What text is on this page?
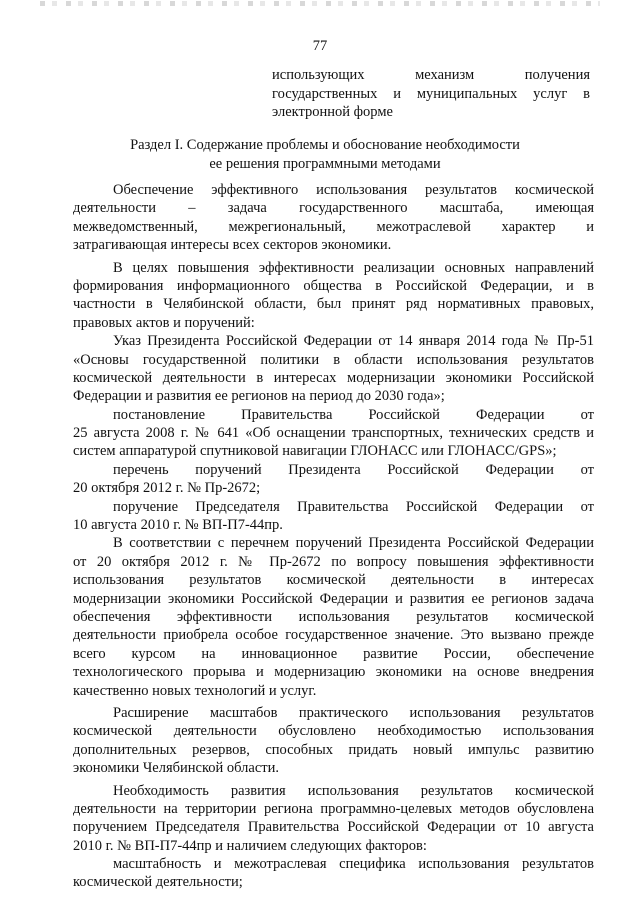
77
использующих механизм получения
государственных и муниципальных услуг в
электронной форме
Раздел I. Содержание проблемы и обоснование необходимости
ее решения программными методами
Обеспечение эффективного использования результатов космической
деятельности – задача государственного масштаба, имеющая
межведомственный, межрегиональный, межотраслевой характер и
затрагивающая интересы всех секторов экономики.
В целях повышения эффективности реализации основных направлений
формирования информационного общества в Российской Федерации, и в
частности в Челябинской области, был принят ряд нормативных правовых,
правовых актов и поручений:
Указ Президента Российской Федерации от 14 января 2014 года № Пр-51
«Основы государственной политики в области использования результатов
космической деятельности в интересах модернизации экономики Российской
Федерации и развития ее регионов на период до 2030 года»;
постановление Правительства Российской Федерации от
25 августа 2008 г. № 641 «Об оснащении транспортных, технических средств и
систем аппаратурой спутниковой навигации ГЛОНАСС или ГЛОНАСС/GPS»;
перечень поручений Президента Российской Федерации от
20 октября 2012 г. № Пр-2672;
поручение Председателя Правительства Российской Федерации от
10 августа 2010 г. № ВП-П7-44пр.
В соответствии с перечнем поручений Президента Российской Федерации
от 20 октября 2012 г. № Пр-2672 по вопросу повышения эффективности
использования результатов космической деятельности в интересах
модернизации экономики Российской Федерации и развития ее регионов задача
обеспечения эффективности использования результатов космической
деятельности приобрела особое государственное значение. Это вызвано прежде
всего курсом на инновационное развитие России, обеспечение
технологического прорыва и модернизацию экономики на основе внедрения
качественно новых технологий и услуг.
Расширение масштабов практического использования результатов
космической деятельности обусловлено необходимостью использования
дополнительных резервов, способных придать новый импульс развитию
экономики Челябинской области.
Необходимость развития использования результатов космической
деятельности на территории региона программно-целевых методов обусловлена
поручением Председателя Правительства Российской Федерации от 10 августа
2010 г. № ВП-П7-44пр и наличием следующих факторов:
масштабность и межотраслевая специфика использования результатов
космической деятельности;
